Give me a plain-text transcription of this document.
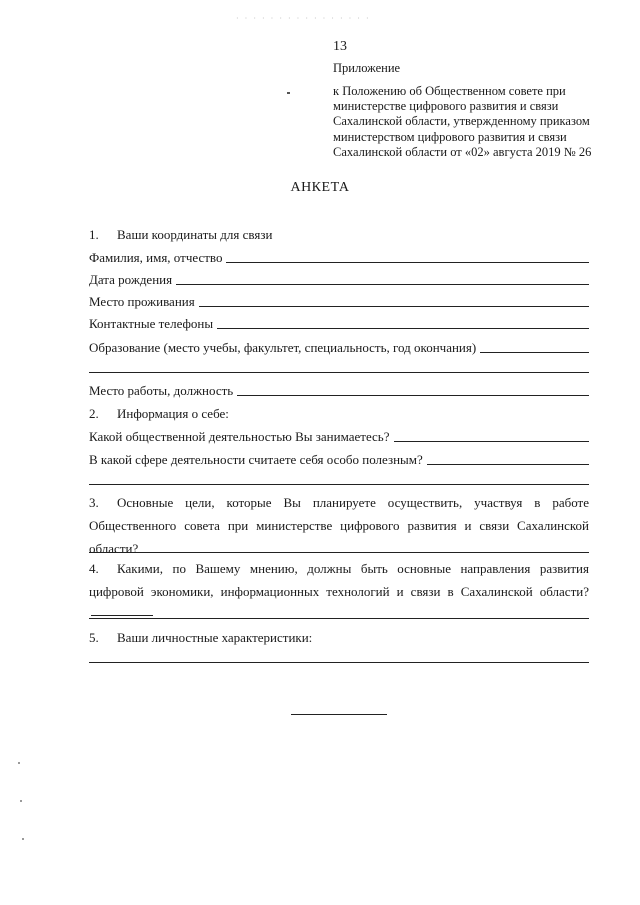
· · · · · · · · · · · · · · · ·
13
Приложение
к Положению об Общественном совете при министерстве цифрового развития и связи Сахалинской области, утвержденному приказом министерством цифрового развития и связи Сахалинской области от «02» августа 2019 № 26
АНКЕТА
1.	Ваши координаты для связи
Фамилия, имя, отчество
Дата рождения
Место проживания
Контактные телефоны
Образование (место учебы, факультет, специальность, год окончания)
Место работы, должность
2.	Информация о себе:
Какой общественной деятельностью Вы занимаетесь?
В какой сфере деятельности считаете себя особо полезным?
3. Основные цели, которые Вы планируете осуществить, участвуя в работе Общественного совета при министерстве цифрового развития и связи Сахалинской области?
4. Какими, по Вашему мнению, должны быть основные направления развития цифровой экономики, информационных технологий и связи в Сахалинской области?
5.	Ваши личностные характеристики:
